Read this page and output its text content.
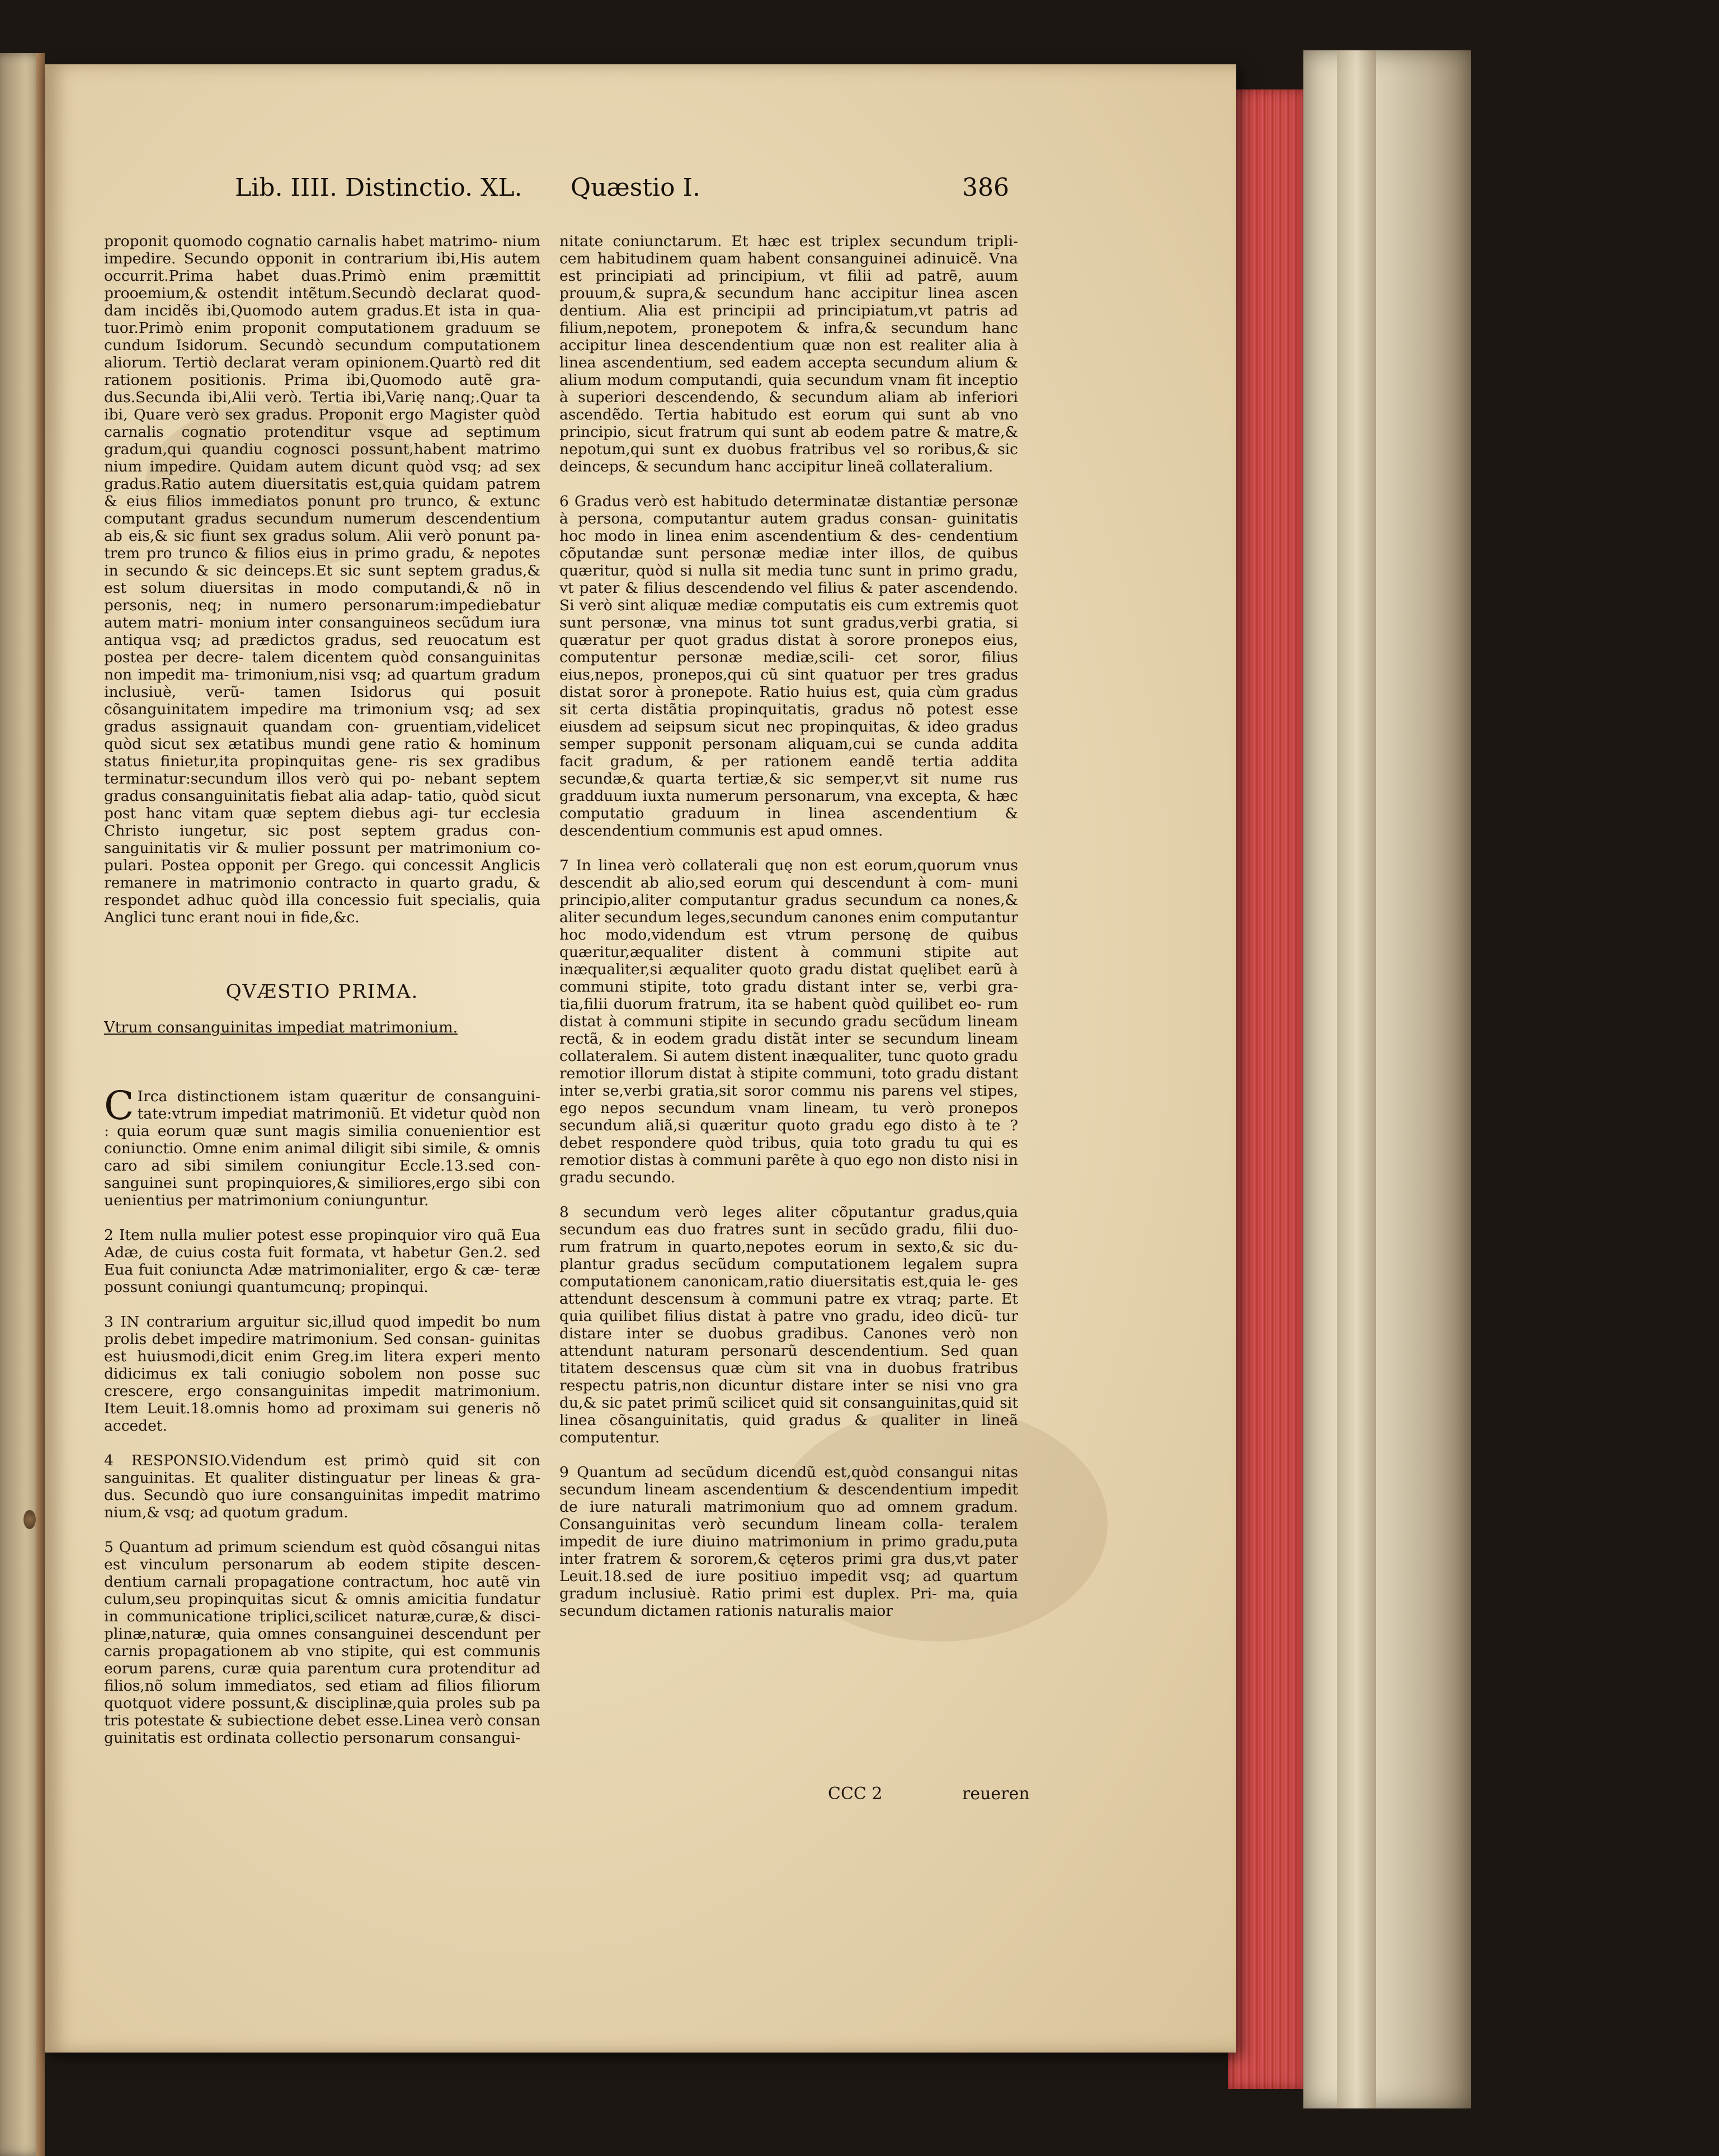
Lib. IIII. Distinctio. XL. Quæstio I.	386

proponit quomodo cognatio carnalis habet matrimo- nium impedire. Secundo opponit in contrarium ibi,His autem occurrit.Prima habet duas.Primò enim præmittit prooemium,& ostendit intẽtum.Secundò declarat quod- dam incidẽs ibi,Quomodo autem gradus.Et ista in qua- tuor.Primò enim proponit computationem graduum se cundum Isidorum. Secundò secundum computationem aliorum. Tertiò declarat veram opinionem.Quartò red dit rationem positionis. Prima ibi,Quomodo autẽ gra- dus.Secunda ibi,Alii verò. Tertia ibi,Varię nanq;.Quar ta ibi, Quare verò sex gradus. Proponit ergo Magister quòd carnalis cognatio protenditur vsque ad septimum gradum,qui quandiu cognosci possunt,habent matrimo nium impedire. Quidam autem dicunt quòd vsq; ad sex gradus.Ratio autem diuersitatis est,quia quidam patrem & eius filios immediatos ponunt pro trunco, & extunc computant gradus secundum numerum descendentium ab eis,& sic fiunt sex gradus solum. Alii verò ponunt pa- trem pro trunco & filios eius in primo gradu, & nepotes in secundo & sic deinceps.Et sic sunt septem gradus,& est solum diuersitas in modo computandi,& nõ in personis, neq; in numero personarum:impediebatur autem matri- monium inter consanguineos secũdum iura antiqua vsq; ad prædictos gradus, sed reuocatum est postea per decre- talem dicentem quòd consanguinitas non impedit ma- trimonium,nisi vsq; ad quartum gradum inclusiuè, verũ- tamen Isidorus qui posuit cõsanguinitatem impedire ma trimonium vsq; ad sex gradus assignauit quandam con- gruentiam,videlicet quòd sicut sex ætatibus mundi gene ratio & hominum status finietur,ita propinquitas gene- ris sex gradibus terminatur:secundum illos verò qui po- nebant septem gradus consanguinitatis fiebat alia adap- tatio, quòd sicut post hanc vitam quæ septem diebus agi- tur ecclesia Christo iungetur, sic post septem gradus con- sanguinitatis vir & mulier possunt per matrimonium co- pulari. Postea opponit per Grego. qui concessit Anglicis remanere in matrimonio contracto in quarto gradu, & respondet adhuc quòd illa concessio fuit specialis, quia Anglici tunc erant noui in fide,&c.

QVÆSTIO PRIMA.

Vtrum consanguinitas impediat matrimonium.

C Irca distinctionem istam quæritur de consanguini- tate:vtrum impediat matrimoniũ. Et videtur quòd non : quia eorum quæ sunt magis similia conuenientior est coniunctio. Omne enim animal diligit sibi simile, & omnis caro ad sibi similem coniungitur Eccle.13.sed con- sanguinei sunt propinquiores,& similiores,ergo sibi con uenientius per matrimonium coniunguntur.

2 Item nulla mulier potest esse propinquior viro quã Eua Adæ, de cuius costa fuit formata, vt habetur Gen.2. sed Eua fuit coniuncta Adæ matrimonialiter, ergo & cæ- teræ possunt coniungi quantumcunq; propinqui.

3 IN contrarium arguitur sic,illud quod impedit bo num prolis debet impedire matrimonium. Sed consan- guinitas est huiusmodi,dicit enim Greg.im litera experi mento didicimus ex tali coniugio sobolem non posse suc crescere, ergo consanguinitas impedit matrimonium. Item Leuit.18.omnis homo ad proximam sui generis nõ accedet.

4 RESPONSIO.Videndum est primò quid sit con sanguinitas. Et qualiter distinguatur per lineas & gra- dus. Secundò quo iure consanguinitas impedit matrimo nium,& vsq; ad quotum gradum.

5 Quantum ad primum sciendum est quòd cõsangui nitas est vinculum personarum ab eodem stipite descen- dentium carnali propagatione contractum, hoc autẽ vin culum,seu propinquitas sicut & omnis amicitia fundatur in communicatione triplici,scilicet naturæ,curæ,& disci- plinæ,naturæ, quia omnes consanguinei descendunt per carnis propagationem ab vno stipite, qui est communis eorum parens, curæ quia parentum cura protenditur ad filios,nõ solum immediatos, sed etiam ad filios filiorum quotquot videre possunt,& disciplinæ,quia proles sub pa tris potestate & subiectione debet esse.Linea verò consan guinitatis est ordinata collectio personarum consangui-

nitate coniunctarum. Et hæc est triplex secundum tripli- cem habitudinem quam habent consanguinei adinuicẽ. Vna est principiati ad principium, vt filii ad patrẽ, auum prouum,& supra,& secundum hanc accipitur linea ascen dentium. Alia est principii ad principiatum,vt patris ad filium,nepotem, pronepotem & infra,& secundum hanc accipitur linea descendentium quæ non est realiter alia à linea ascendentium, sed eadem accepta secundum alium & alium modum computandi, quia secundum vnam fit inceptio à superiori descendendo, & secundum aliam ab inferiori ascendẽdo. Tertia habitudo est eorum qui sunt ab vno principio, sicut fratrum qui sunt ab eodem patre & matre,& nepotum,qui sunt ex duobus fratribus vel so roribus,& sic deinceps, & secundum hanc accipitur lineã collateralium.

6 Gradus verò est habitudo determinatæ distantiæ personæ à persona, computantur autem gradus consan- guinitatis hoc modo in linea enim ascendentium & des- cendentium cõputandæ sunt personæ mediæ inter illos, de quibus quæritur, quòd si nulla sit media tunc sunt in primo gradu, vt pater & filius descendendo vel filius & pater ascendendo. Si verò sint aliquæ mediæ computatis eis cum extremis quot sunt personæ, vna minus tot sunt gradus,verbi gratia, si quæratur per quot gradus distat à sorore pronepos eius, computentur personæ mediæ,scili- cet soror, filius eius,nepos, pronepos,qui cũ sint quatuor per tres gradus distat soror à pronepote. Ratio huius est, quia cùm gradus sit certa distãtia propinquitatis, gradus nõ potest esse eiusdem ad seipsum sicut nec propinquitas, & ideo gradus semper supponit personam aliquam,cui se cunda addita facit gradum, & per rationem eandẽ tertia addita secundæ,& quarta tertiæ,& sic semper,vt sit nume rus gradduum iuxta numerum personarum, vna excepta, & hæc computatio graduum in linea ascendentium & descendentium communis est apud omnes.

7 In linea verò collaterali quę non est eorum,quorum vnus descendit ab alio,sed eorum qui descendunt à com- muni principio,aliter computantur gradus secundum ca nones,& aliter secundum leges,secundum canones enim computantur hoc modo,videndum est vtrum personę de quibus quæritur,æqualiter distent à communi stipite aut inæqualiter,si æqualiter quoto gradu distat quęlibet earũ à communi stipite, toto gradu distant inter se, verbi gra- tia,filii duorum fratrum, ita se habent quòd quilibet eo- rum distat à communi stipite in secundo gradu secũdum lineam rectã, & in eodem gradu distãt inter se secundum lineam collateralem. Si autem distent inæqualiter, tunc quoto gradu remotior illorum distat à stipite communi, toto gradu distant inter se,verbi gratia,sit soror commu nis parens vel stipes, ego nepos secundum vnam lineam, tu verò pronepos secundum aliã,si quæritur quoto gradu ego disto à te ? debet respondere quòd tribus, quia toto gradu tu qui es remotior distas à communi parẽte à quo ego non disto nisi in gradu secundo.

8 secundum verò leges aliter cõputantur gradus,quia secundum eas duo fratres sunt in secũdo gradu, filii duo- rum fratrum in quarto,nepotes eorum in sexto,& sic du- plantur gradus secũdum computationem legalem supra computationem canonicam,ratio diuersitatis est,quia le- ges attendunt descensum à communi patre ex vtraq; parte. Et quia quilibet filius distat à patre vno gradu, ideo dicũ- tur distare inter se duobus gradibus. Canones verò non attendunt naturam personarũ descendentium. Sed quan titatem descensus quæ cùm sit vna in duobus fratribus respectu patris,non dicuntur distare inter se nisi vno gra du,& sic patet primũ scilicet quid sit consanguinitas,quid sit linea cõsanguinitatis, quid gradus & qualiter in lineã computentur.

9 Quantum ad secũdum dicendũ est,quòd consangui nitas secundum lineam ascendentium & descendentium impedit de iure naturali matrimonium quo ad omnem gradum. Consanguinitas verò secundum lineam colla- teralem impedit de iure diuino matrimonium in primo gradu,puta inter fratrem & sororem,& cęteros primi gra dus,vt pater Leuit.18.sed de iure positiuo impedit vsq; ad quartum gradum inclusiuè. Ratio primi est duplex. Pri- ma, quia secundum dictamen rationis naturalis maior

CCC 2	reueren
